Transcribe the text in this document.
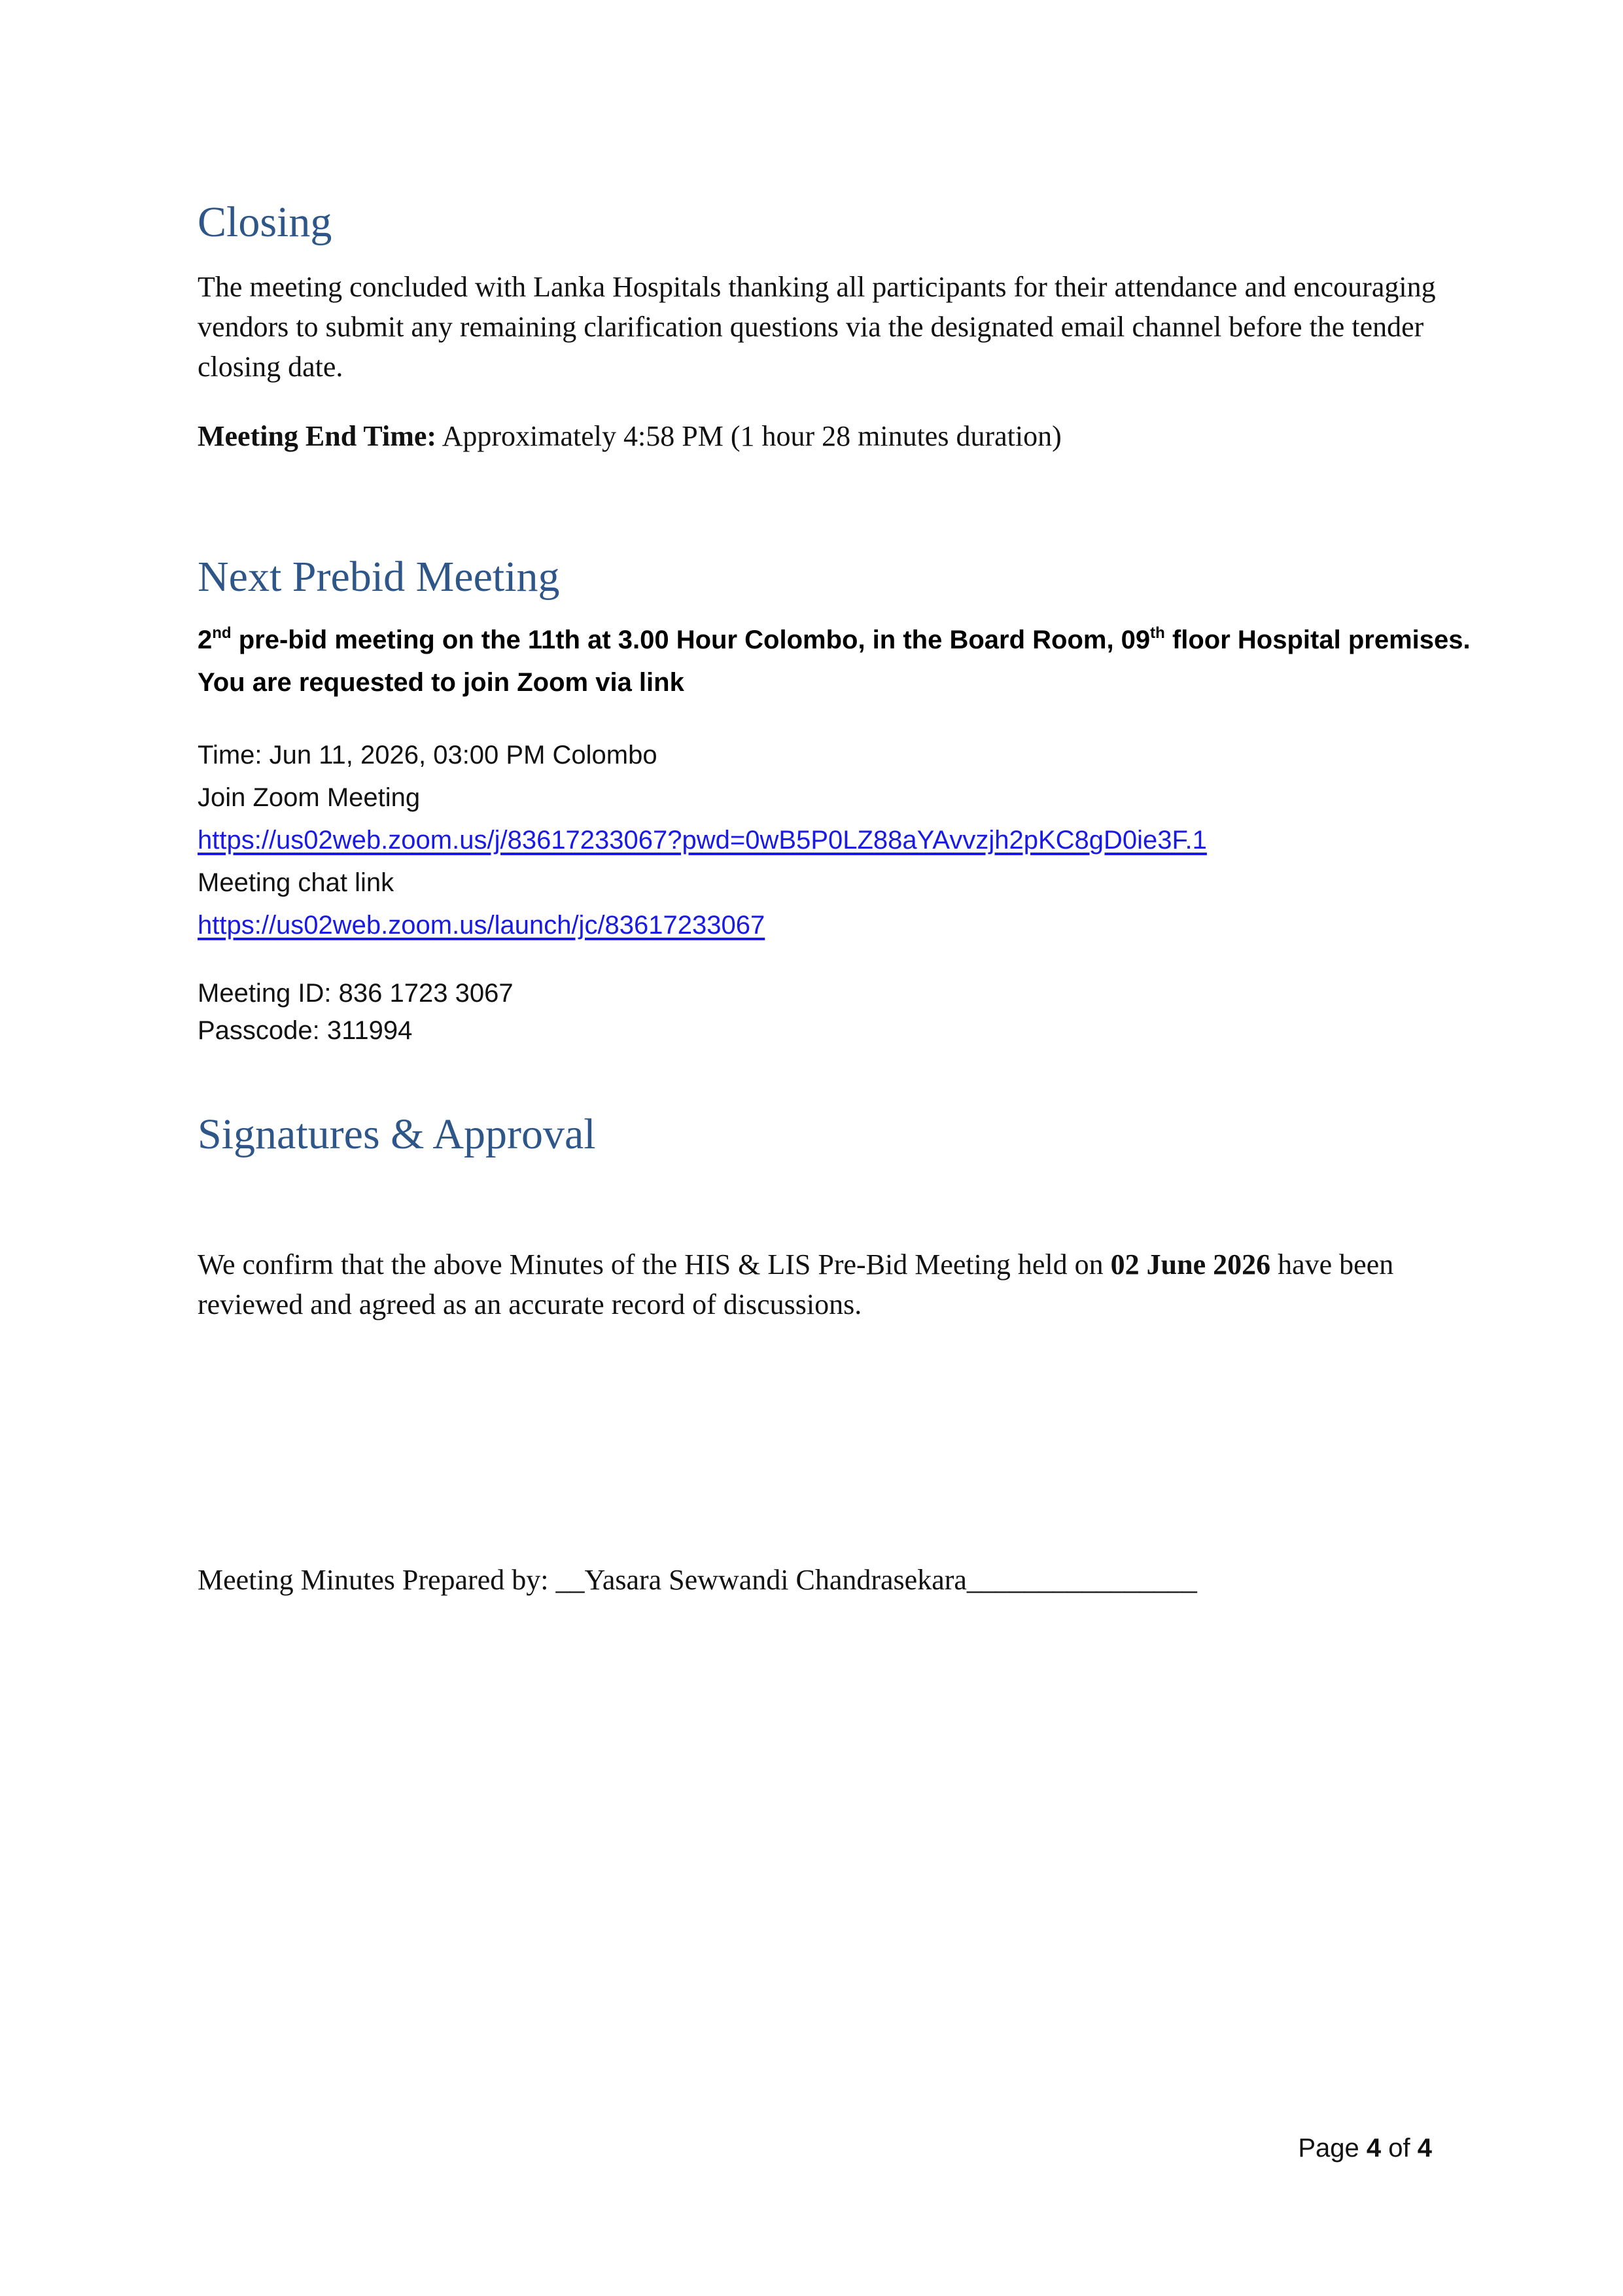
Closing

The meeting concluded with Lanka Hospitals thanking all participants for their attendance and encouraging vendors to submit any remaining clarification questions via the designated email channel before the tender closing date.

Meeting End Time: Approximately 4:58 PM (1 hour 28 minutes duration)

Next Prebid Meeting

2nd pre-bid meeting on the 11th at 3.00 Hour Colombo, in the Board Room, 09th floor Hospital premises. You are requested to join Zoom via link

Time: Jun 11, 2026, 03:00 PM Colombo
Join Zoom Meeting
https://us02web.zoom.us/j/83617233067?pwd=0wB5P0LZ88aYAvvzjh2pKC8gD0ie3F.1
Meeting chat link
https://us02web.zoom.us/launch/jc/83617233067
Meeting ID: 836 1723 3067
Passcode: 311994
Signatures & Approval

We confirm that the above Minutes of the HIS & LIS Pre-Bid Meeting held on 02 June 2026 have been reviewed and agreed as an accurate record of discussions.

Meeting Minutes Prepared by: __Yasara Sewwandi Chandrasekara________________

Page 4 of 4
